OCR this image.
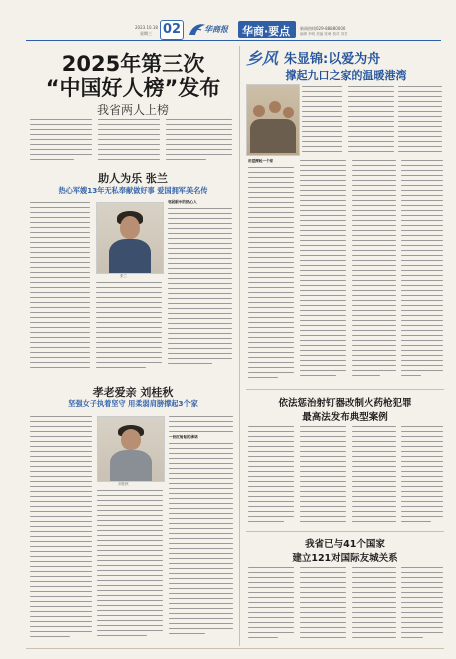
2023.10.18
星期三 02	华商报 华商·要点 新闻热线029-88880000
编辑 李明 美编 张萌 校对 刘芳
2025年第三次
“中国好人榜”发布
我省两人上榜
助人为乐 张兰
热心军嫂13年无私奉献做好事 爱国拥军美名传
张兰
邻居眼中的热心人
孝老爱亲 刘桂秋
坚强女子执着坚守 用柔弱肩膀撑起3个家
刘桂秋
一份沉甸甸的承诺
乡风 朱显锦:以爱为舟
撑起九口之家的温暖港湾
用爱撑起一个家
依法惩治射钉器改制火药枪犯罪
最高法发布典型案例
我省已与41个国家
建立121对国际友城关系
